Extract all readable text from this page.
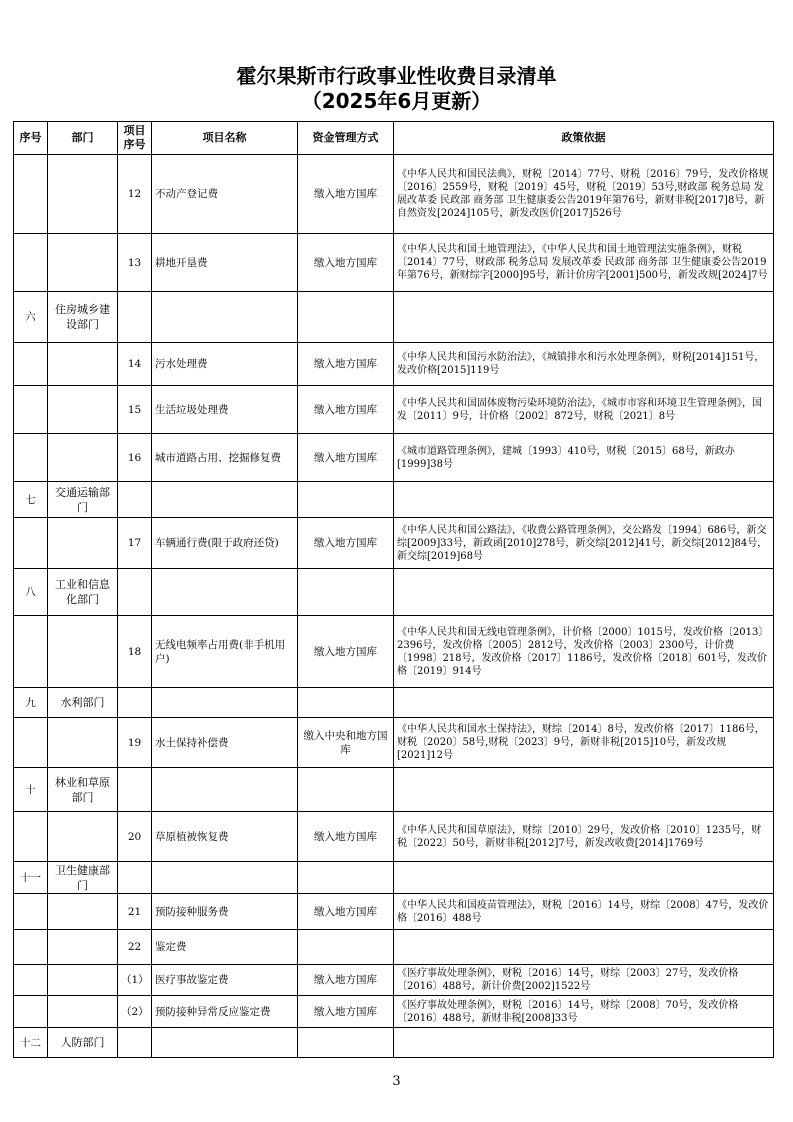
霍尔果斯市行政事业性收费目录清单
（2025年6月更新）
序号	部门	项目序号	项目名称	资金管理方式	政策依据
		12	不动产登记费	缴入地方国库	《中华人民共和国民法典》，财税〔2014〕77号、财税〔2016〕79号，发改价格规〔2016〕2559号，财税〔2019〕45号，财税〔2019〕53号,财政部 税务总局 发展改革委 民政部 商务部 卫生健康委公告2019年第76号，新财非税[2017]8号，新自然资发[2024]105号，新发改医价[2017]526号
		13	耕地开垦费	缴入地方国库	《中华人民共和国土地管理法》，《中华人民共和国土地管理法实施条例》，财税〔2014〕77号，财政部 税务总局 发展改革委 民政部 商务部 卫生健康委公告2019年第76号，新财综字[2000]95号，新计价房字[2001]500号，新发改规[2024]7号
六	住房城乡建设部门				
		14	污水处理费	缴入地方国库	《中华人民共和国污水防治法》，《城镇排水和污水处理条例》，财税[2014]151号，发改价格[2015]119号
		15	生活垃圾处理费	缴入地方国库	《中华人民共和国固体废物污染环境防治法》，《城市市容和环境卫生管理条例》，国发〔2011〕9号，计价格〔2002〕872号，财税〔2021〕8号
		16	城市道路占用、挖掘修复费	缴入地方国库	《城市道路管理条例》，建城〔1993〕410号，财税〔2015〕68号，新政办[1999]38号
七	交通运输部门				
		17	车辆通行费(限于政府还贷)	缴入地方国库	《中华人民共和国公路法》，《收费公路管理条例》，交公路发〔1994〕686号，新交综[2009]33号，新政函[2010]278号，新交综[2012]41号，新交综[2012]84号，新交综[2019]68号
八	工业和信息化部门				
		18	无线电频率占用费(非手机用户)	缴入地方国库	《中华人民共和国无线电管理条例》，计价格〔2000〕1015号，发改价格〔2013〕2396号，发改价格〔2005〕2812号，发改价格〔2003〕2300号，计价费〔1998〕218号，发改价格〔2017〕1186号，发改价格〔2018〕601号，发改价格〔2019〕914号
九	水利部门				
		19	水土保持补偿费	缴入中央和地方国库	《中华人民共和国水土保持法》，财综〔2014〕8号，发改价格〔2017〕1186号，财税〔2020〕58号,财税〔2023〕9号，新财非税[2015]10号，新发改规[2021]12号
十	林业和草原部门				
		20	草原植被恢复费	缴入地方国库	《中华人民共和国草原法》，财综〔2010〕29号，发改价格〔2010〕1235号，财税〔2022〕50号，新财非税[2012]7号，新发改收费[2014]1769号
十一	卫生健康部门				
		21	预防接种服务费	缴入地方国库	《中华人民共和国疫苗管理法》，财税〔2016〕14号，财综〔2008〕47号，发改价格〔2016〕488号
		22	鉴定费		
		（1）	医疗事故鉴定费	缴入地方国库	《医疗事故处理条例》，财税〔2016〕14号，财综〔2003〕27号，发改价格〔2016〕488号，新计价费[2002]1522号
		（2）	预防接种异常反应鉴定费	缴入地方国库	《医疗事故处理条例》，财税〔2016〕14号，财综〔2008〕70号，发改价格〔2016〕488号，新财非税[2008]33号
十二	人防部门				
3
